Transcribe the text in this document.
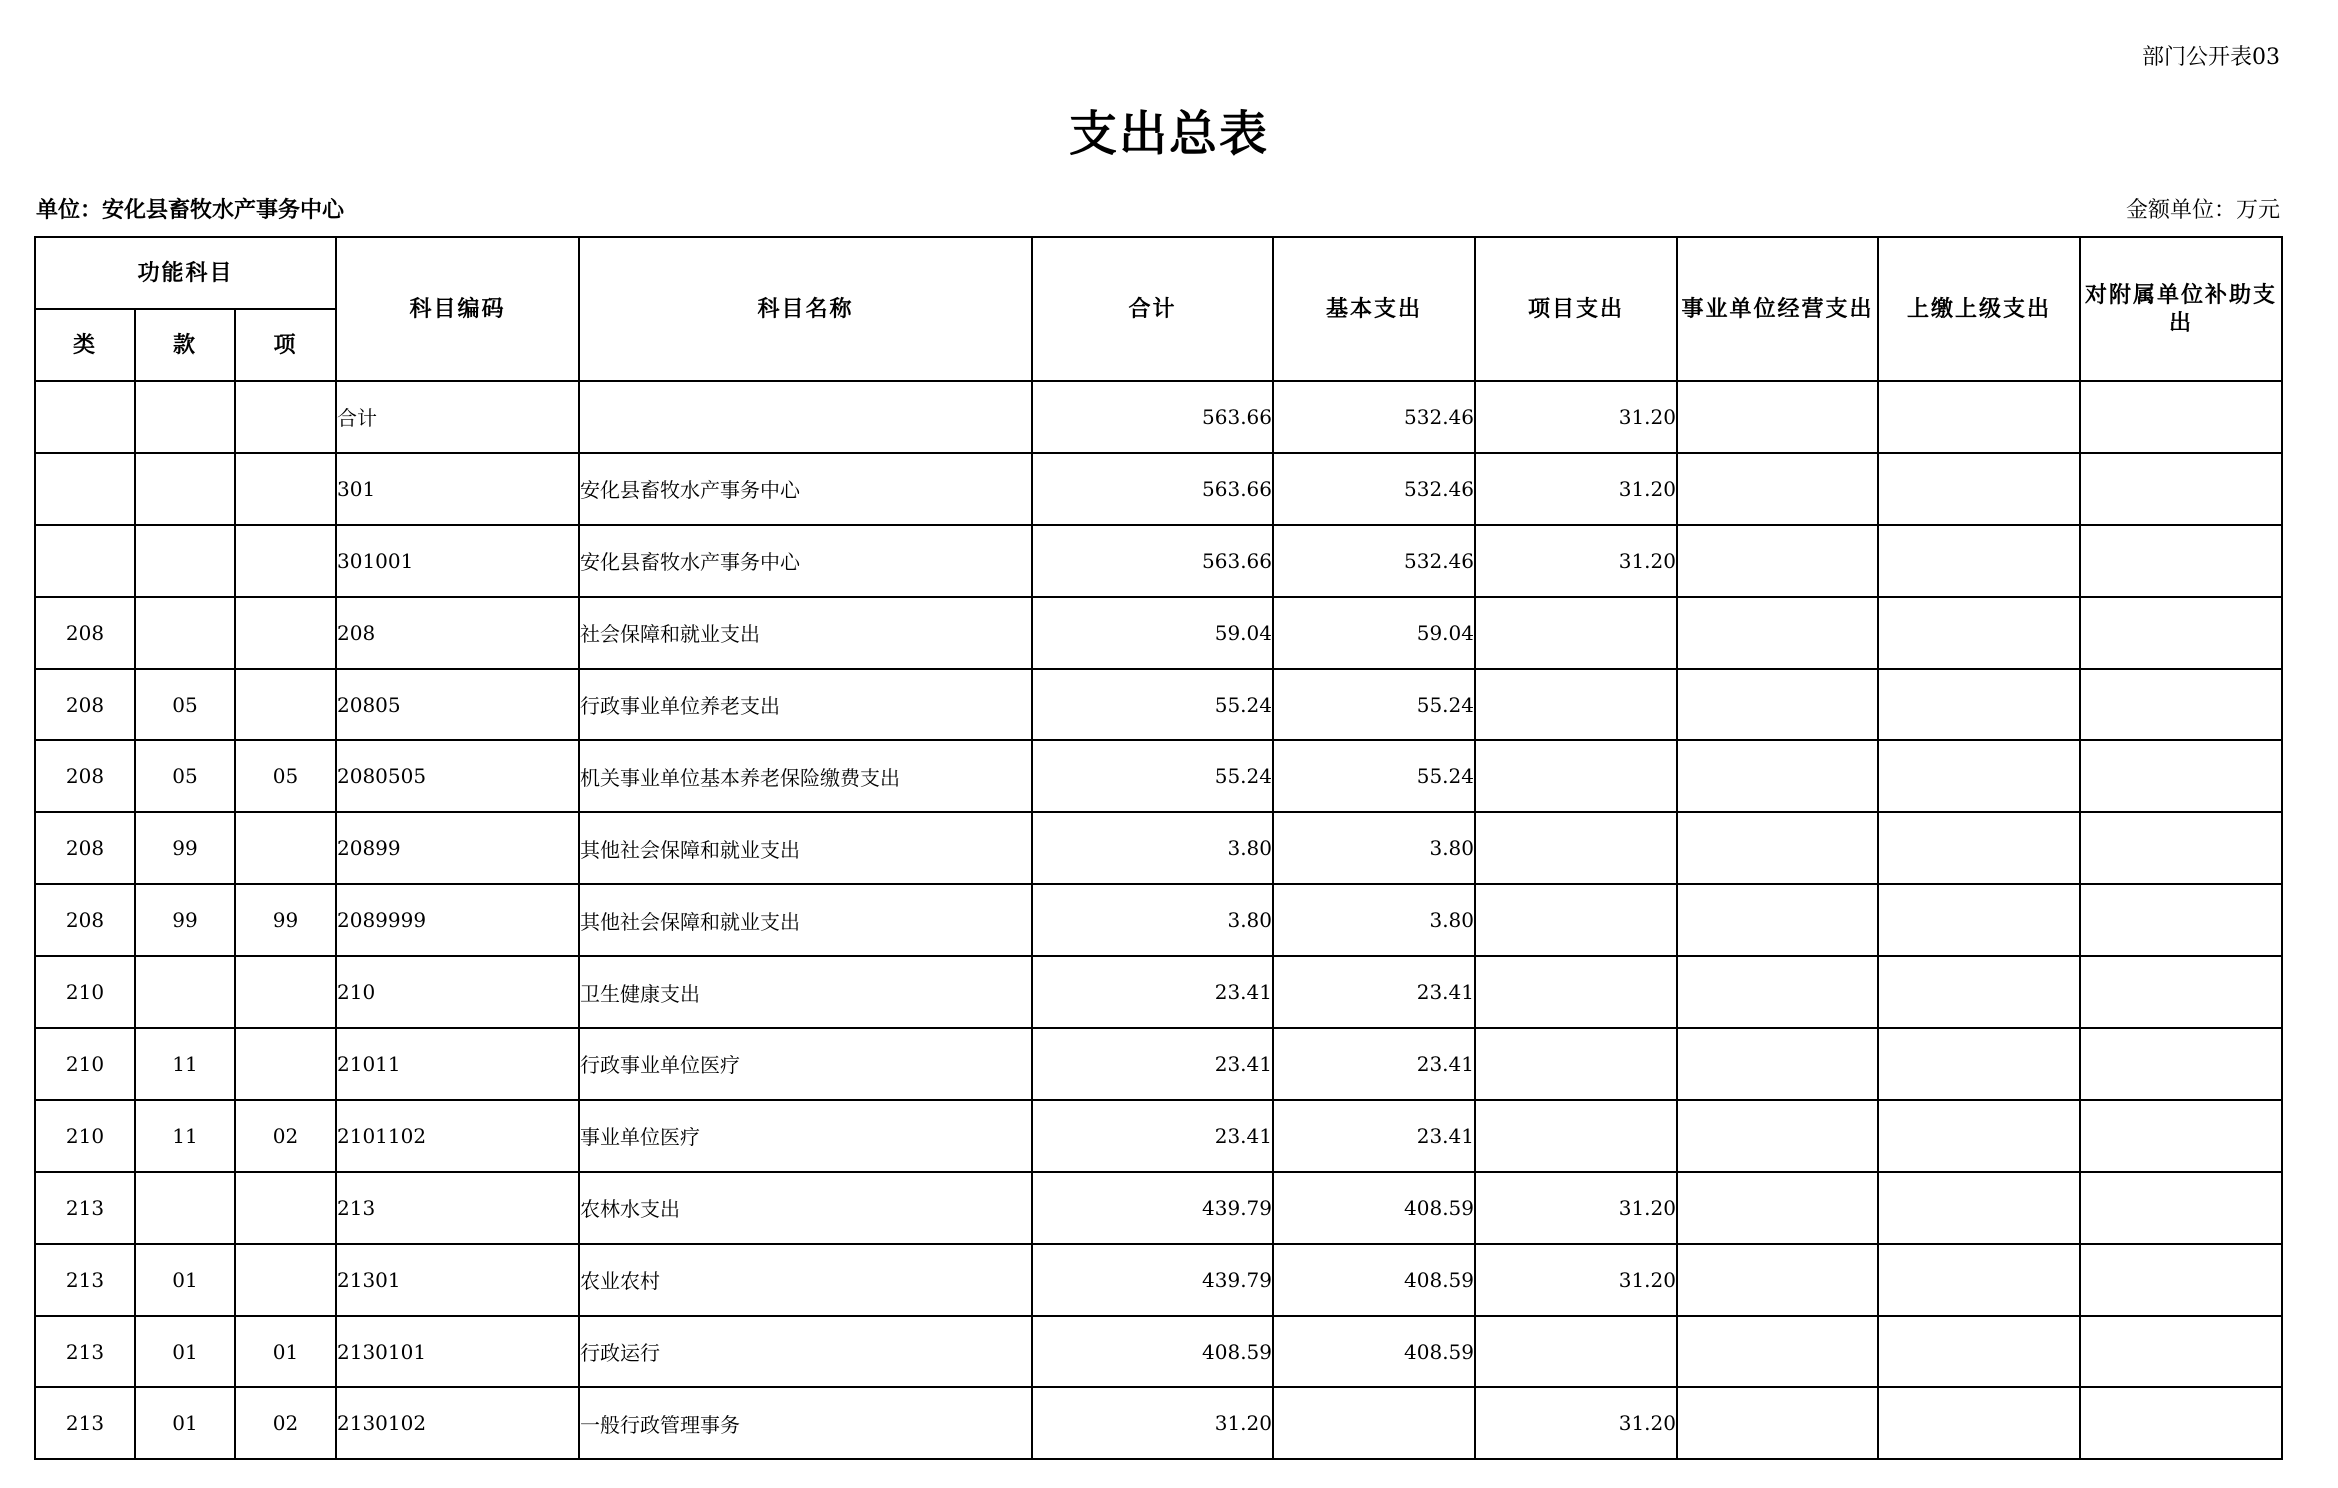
部门公开表03
支出总表
单位：安化县畜牧水产事务中心	金额单位：万元
功能科目			科目编码	科目名称	合计	基本支出	项目支出	事业单位经营支出	上缴上级支出	对附属单位补助支出
类	款	项								
			合计		563.66	532.46	31.20			
			301	安化县畜牧水产事务中心	563.66	532.46	31.20			
			301001	安化县畜牧水产事务中心	563.66	532.46	31.20			
208			208	社会保障和就业支出	59.04	59.04				
208	05		20805	行政事业单位养老支出	55.24	55.24				
208	05	05	2080505	机关事业单位基本养老保险缴费支出	55.24	55.24				
208	99		20899	其他社会保障和就业支出	3.80	3.80				
208	99	99	2089999	其他社会保障和就业支出	3.80	3.80				
210			210	卫生健康支出	23.41	23.41				
210	11		21011	行政事业单位医疗	23.41	23.41				
210	11	02	2101102	事业单位医疗	23.41	23.41				
213			213	农林水支出	439.79	408.59	31.20			
213	01		21301	农业农村	439.79	408.59	31.20			
213	01	01	2130101	行政运行	408.59	408.59				
213	01	02	2130102	一般行政管理事务	31.20		31.20			
